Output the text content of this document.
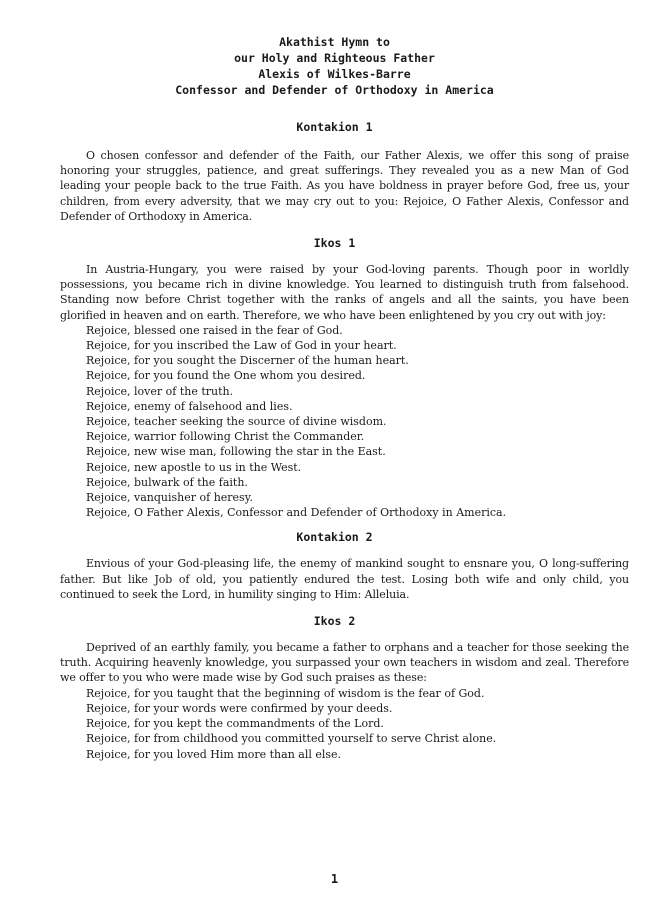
Akathist Hymn to
our Holy and Righteous Father
Alexis of Wilkes-Barre
Confessor and Defender of Orthodoxy in America
Kontakion 1

O chosen confessor and defender of the Faith, our Father Alexis, we offer this song of praise honoring your struggles, patience, and great sufferings. They revealed you as a new Man of God leading your people back to the true Faith. As you have boldness in prayer before God, free us, your children, from every adversity, that we may cry out to you: Rejoice, O Father Alexis, Confessor and Defender of Orthodoxy in America.

Ikos 1

In Austria-Hungary, you were raised by your God-loving parents. Though poor in worldly possessions, you became rich in divine knowledge. You learned to distinguish truth from falsehood. Standing now before Christ together with the ranks of angels and all the saints, you have been glorified in heaven and on earth. Therefore, we who have been enlightened by you cry out with joy:

Rejoice, blessed one raised in the fear of God.
Rejoice, for you inscribed the Law of God in your heart.
Rejoice, for you sought the Discerner of the human heart.
Rejoice, for you found the One whom you desired.
Rejoice, lover of the truth.
Rejoice, enemy of falsehood and lies.
Rejoice, teacher seeking the source of divine wisdom.
Rejoice, warrior following Christ the Commander.
Rejoice, new wise man, following the star in the East.
Rejoice, new apostle to us in the West.
Rejoice, bulwark of the faith.
Rejoice, vanquisher of heresy.
Rejoice, O Father Alexis, Confessor and Defender of Orthodoxy in America.
Kontakion 2

Envious of your God-pleasing life, the enemy of mankind sought to ensnare you, O long-suffering father. But like Job of old, you patiently endured the test. Losing both wife and only child, you continued to seek the Lord, in humility singing to Him: Alleluia.

Ikos 2

Deprived of an earthly family, you became a father to orphans and a teacher for those seeking the truth. Acquiring heavenly knowledge, you surpassed your own teachers in wisdom and zeal. Therefore we offer to you who were made wise by God such praises as these:

Rejoice, for you taught that the beginning of wisdom is the fear of God.
Rejoice, for your words were confirmed by your deeds.
Rejoice, for you kept the commandments of the Lord.
Rejoice, for from childhood you committed yourself to serve Christ alone.
Rejoice, for you loved Him more than all else.
1
